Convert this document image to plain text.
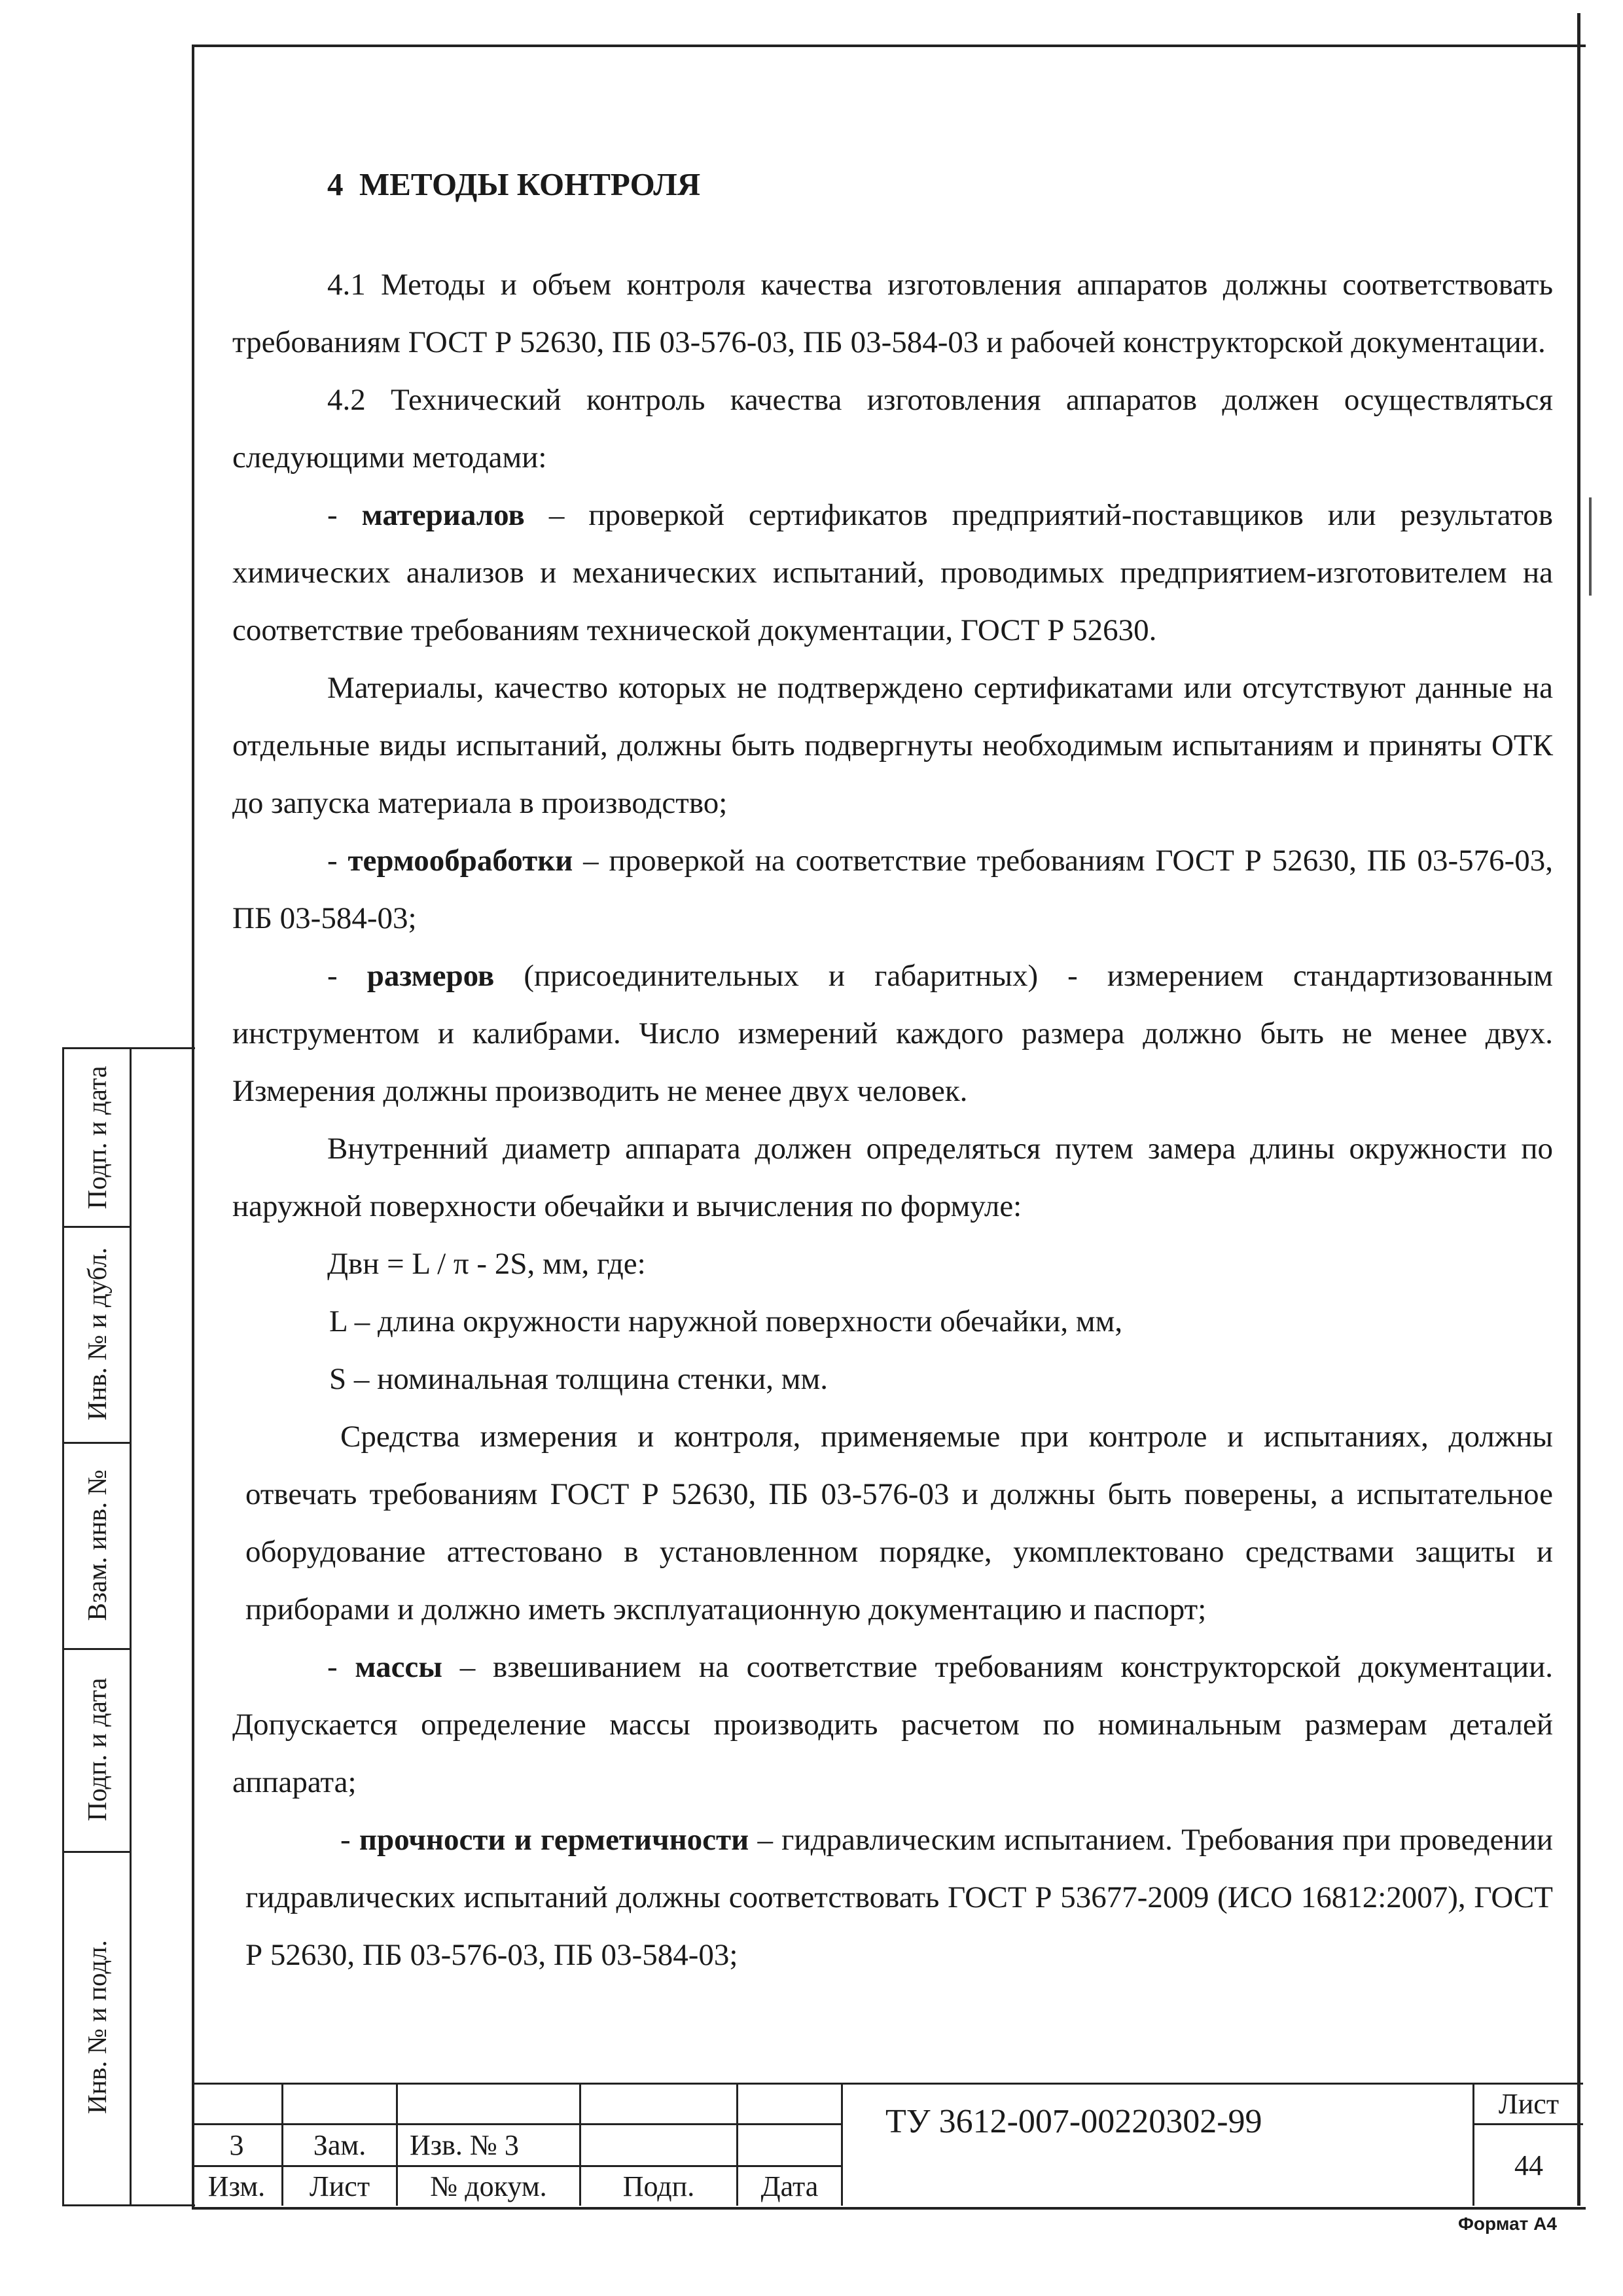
4 МЕТОДЫ КОНТРОЛЯ

4.1 Методы и объем контроля качества изготовления аппаратов должны соответствовать требованиям ГОСТ Р 52630, ПБ 03-576-03, ПБ 03-584-03 и рабочей конструкторской документации.

4.2 Технический контроль качества изготовления аппаратов должен осуществляться следующими методами:

- материалов – проверкой сертификатов предприятий-поставщиков или результатов химических анализов и механических испытаний, проводимых предприятием-изготовителем на соответствие требованиям технической документации, ГОСТ Р 52630.

Материалы, качество которых не подтверждено сертификатами или отсутствуют данные на отдельные виды испытаний, должны быть подвергнуты необходимым испытаниям и приняты ОТК до запуска материала в производство;

- термообработки – проверкой на соответствие требованиям ГОСТ Р 52630, ПБ 03-576-03, ПБ 03-584-03;

- размеров (присоединительных и габаритных) - измерением стандартизованным инструментом и калибрами. Число измерений каждого размера должно быть не менее двух. Измерения должны производить не менее двух человек.

Внутренний диаметр аппарата должен определяться путем замера длины окружности по наружной поверхности обечайки и вычисления по формуле:

Двн = L / π - 2S, мм, где:

L – длина окружности наружной поверхности обечайки, мм,

S – номинальная толщина стенки, мм.

Средства измерения и контроля, применяемые при контроле и испытаниях, должны отвечать требованиям ГОСТ Р 52630, ПБ 03-576-03 и должны быть поверены, а испытательное оборудование аттестовано в установленном порядке, укомплектовано средствами защиты и приборами и должно иметь эксплуатационную документацию и паспорт;

- массы – взвешиванием на соответствие требованиям конструкторской документации. Допускается определение массы производить расчетом по номинальным размерам деталей аппарата;

- прочности и герметичности – гидравлическим испытанием. Требования при проведении гидравлических испытаний должны соответствовать ГОСТ Р 53677-2009 (ИСО 16812:2007), ГОСТ Р 52630, ПБ 03-576-03, ПБ 03-584-03;

Подп. и дата
Инв. № и дубл.
Взам. инв. №
Подп. и дата
Инв. № и подл.
3	Зам.	Изв. № 3
Изм.	Лист	№ докум.	Подп.	Дата
ТУ 3612-007-00220302-99	Лист
44
Формат А4
